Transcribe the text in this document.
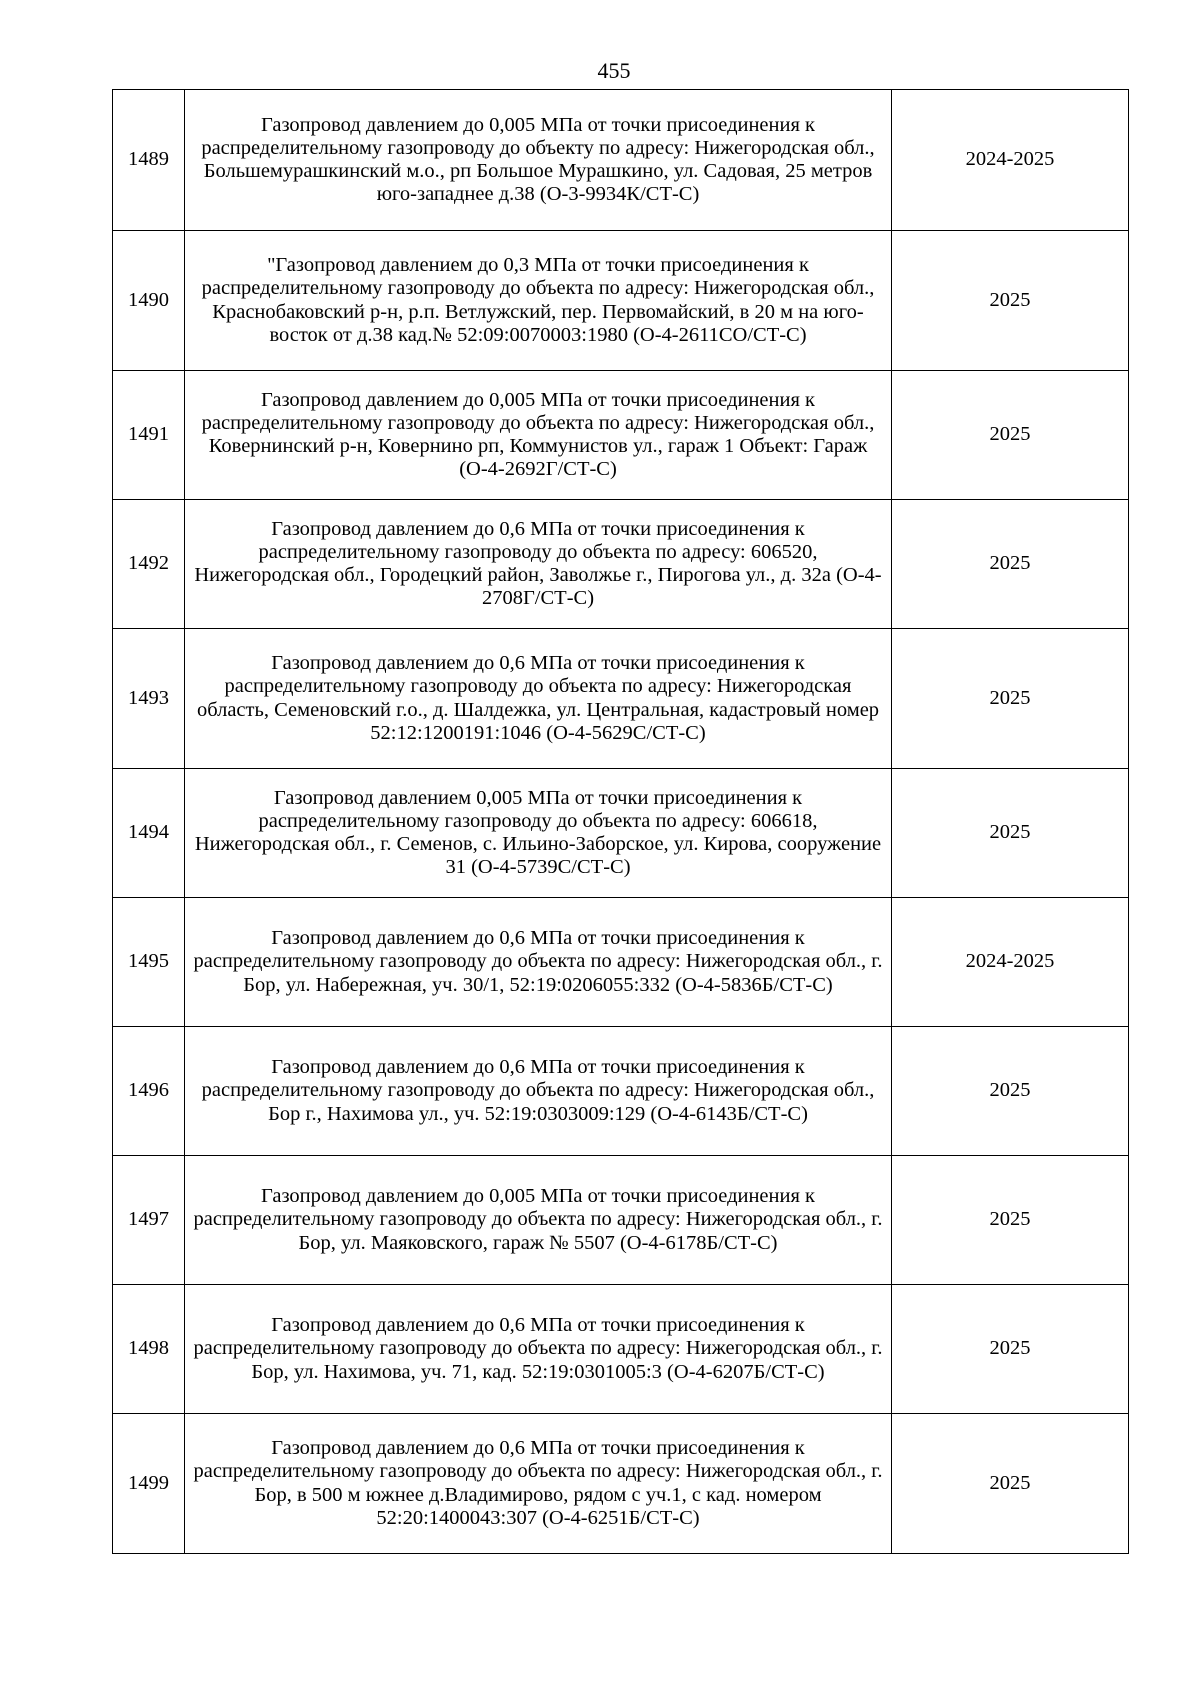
455
1489	Газопровод давлением до 0,005 МПа от точки присоединения к распределительному газопроводу до объекту по адресу: Нижегородская обл., Большемурашкинский м.о., рп Большое Мурашкино, ул. Садовая, 25 метров юго-западнее д.38 (О-3-9934К/СТ-С)	2024-2025
1490	"Газопровод давлением до 0,3 МПа от точки присоединения к распределительному газопроводу до объекта по адресу: Нижегородская обл., Краснобаковский р-н, р.п. Ветлужский, пер. Первомайский, в 20 м на юго-восток от д.38 кад.№ 52:09:0070003:1980 (О-4-2611СО/СТ-С)	2025
1491	Газопровод давлением до 0,005 МПа от точки присоединения к распределительному газопроводу до объекта по адресу: Нижегородская обл., Ковернинский р-н, Ковернино рп, Коммунистов ул., гараж 1 Объект: Гараж (О-4-2692Г/СТ-С)	2025
1492	Газопровод давлением до 0,6 МПа от точки присоединения к распределительному газопроводу до объекта по адресу: 606520, Нижегородская обл., Городецкий район, Заволжье г., Пирогова ул., д. 32а (О-4-2708Г/СТ-С)	2025
1493	Газопровод давлением до 0,6 МПа от точки присоединения к распределительному газопроводу до объекта по адресу: Нижегородская область, Семеновский г.о., д. Шалдежка, ул. Центральная, кадастровый номер 52:12:1200191:1046 (О-4-5629С/СТ-С)	2025
1494	Газопровод давлением 0,005 МПа от точки присоединения к распределительному газопроводу до объекта по адресу: 606618, Нижегородская обл., г. Семенов, с. Ильино-Заборское, ул. Кирова, сооружение 31 (О-4-5739С/СТ-С)	2025
1495	Газопровод давлением до 0,6 МПа от точки присоединения к распределительному газопроводу до объекта по адресу: Нижегородская обл., г. Бор, ул. Набережная, уч. 30/1, 52:19:0206055:332 (О-4-5836Б/СТ-С)	2024-2025
1496	Газопровод давлением до 0,6 МПа от точки присоединения к распределительному газопроводу до объекта по адресу: Нижегородская обл., Бор г., Нахимова ул., уч. 52:19:0303009:129 (О-4-6143Б/СТ-С)	2025
1497	Газопровод давлением до 0,005 МПа от точки присоединения к распределительному газопроводу до объекта по адресу: Нижегородская обл., г. Бор, ул. Маяковского, гараж № 5507 (О-4-6178Б/СТ-С)	2025
1498	Газопровод давлением до 0,6 МПа от точки присоединения к распределительному газопроводу до объекта по адресу: Нижегородская обл., г. Бор, ул. Нахимова, уч. 71, кад. 52:19:0301005:3 (О-4-6207Б/СТ-С)	2025
1499	Газопровод давлением до 0,6 МПа от точки присоединения к распределительному газопроводу до объекта по адресу: Нижегородская обл., г. Бор, в 500 м южнее д.Владимирово, рядом с уч.1, с кад. номером 52:20:1400043:307 (О-4-6251Б/СТ-С)	2025
